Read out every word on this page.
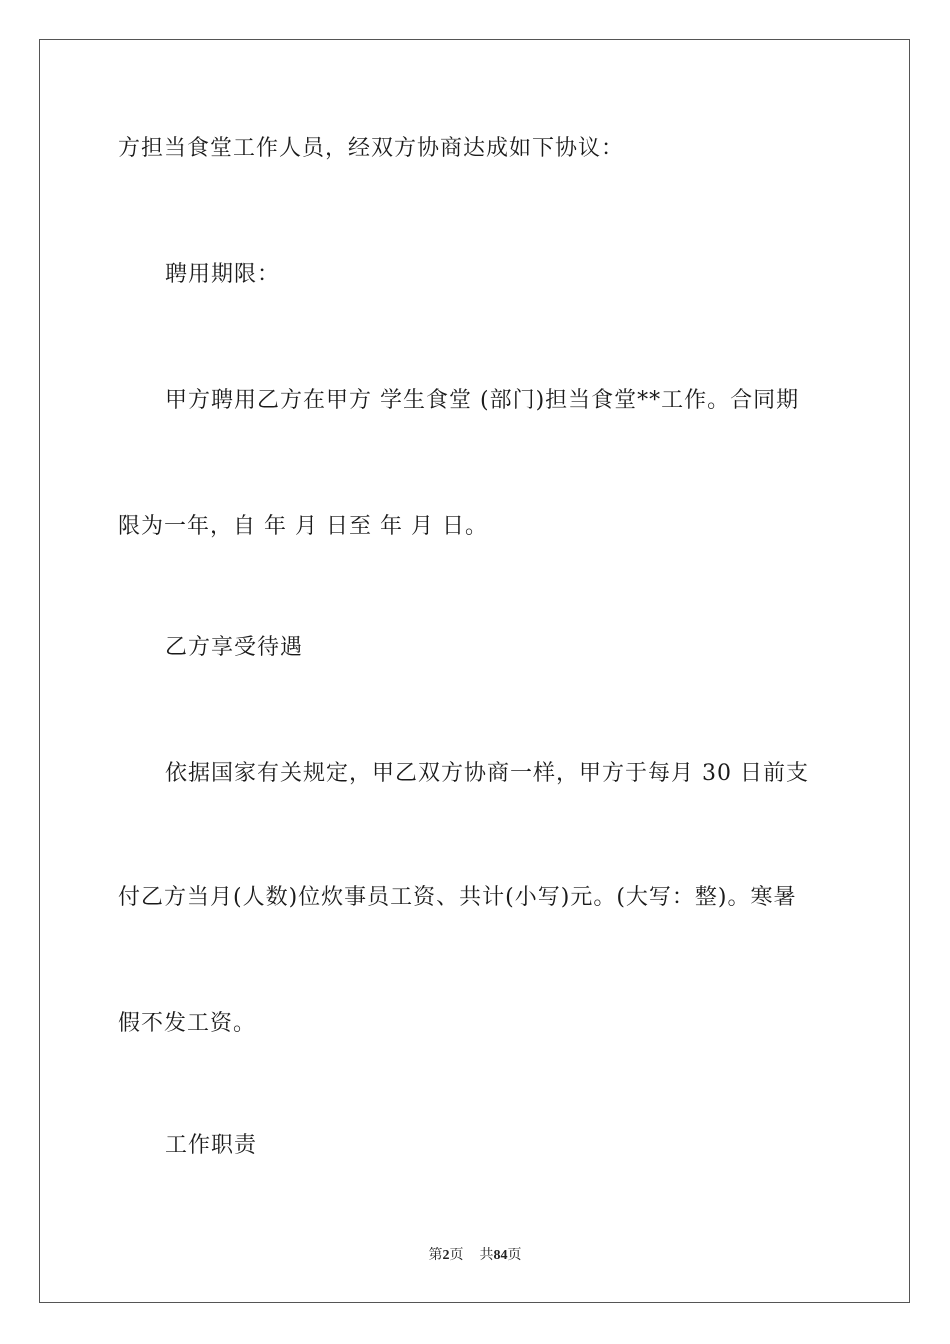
方担当食堂工作人员，经双方协商达成如下协议：
聘用期限：
甲方聘用乙方在甲方 学生食堂 (部门)担当食堂**工作。合同期
限为一年，自 年 月 日至 年 月 日。
乙方享受待遇
依据国家有关规定，甲乙双方协商一样，甲方于每月 30 日前支
付乙方当月(人数)位炊事员工资、共计(小写)元。(大写：整)。寒暑
假不发工资。
工作职责
第2页 共84页
